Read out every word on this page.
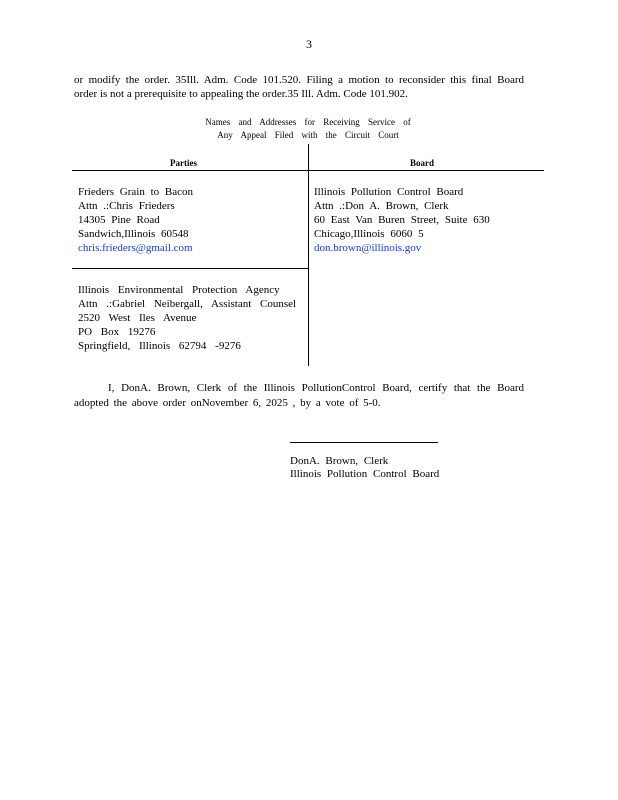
3
or modify the order. 35Ill. Adm. Code 101.520. Filing a motion to reconsider this final Board
order is not a prerequisite to appealing the order.35 Ill. Adm. Code 101.902.
Names and Addresses for Receiving Service of
Any Appeal Filed with the Circuit Court
Parties	Board
Frieders Grain to Bacon
Attn .:Chris Frieders
14305 Pine Road
Sandwich,Illinois 60548
chris.frieders@gmail.com
Illinois Pollution Control Board
Attn .:Don A. Brown, Clerk
60 East Van Buren Street, Suite 630
Chicago,Illinois 6060 5
don.brown@illinois.gov
Illinois Environmental Protection Agency
Attn .:Gabriel Neibergall, Assistant Counsel
2520 West Iles Avenue
PO Box 19276
Springfield, Illinois 62794 -9276
I, DonA. Brown, Clerk of the Illinois PollutionControl Board, certify that the Board
adopted the above order onNovember 6, 2025 , by a vote of 5-0.
DonA. Brown, Clerk
Illinois Pollution Control Board
